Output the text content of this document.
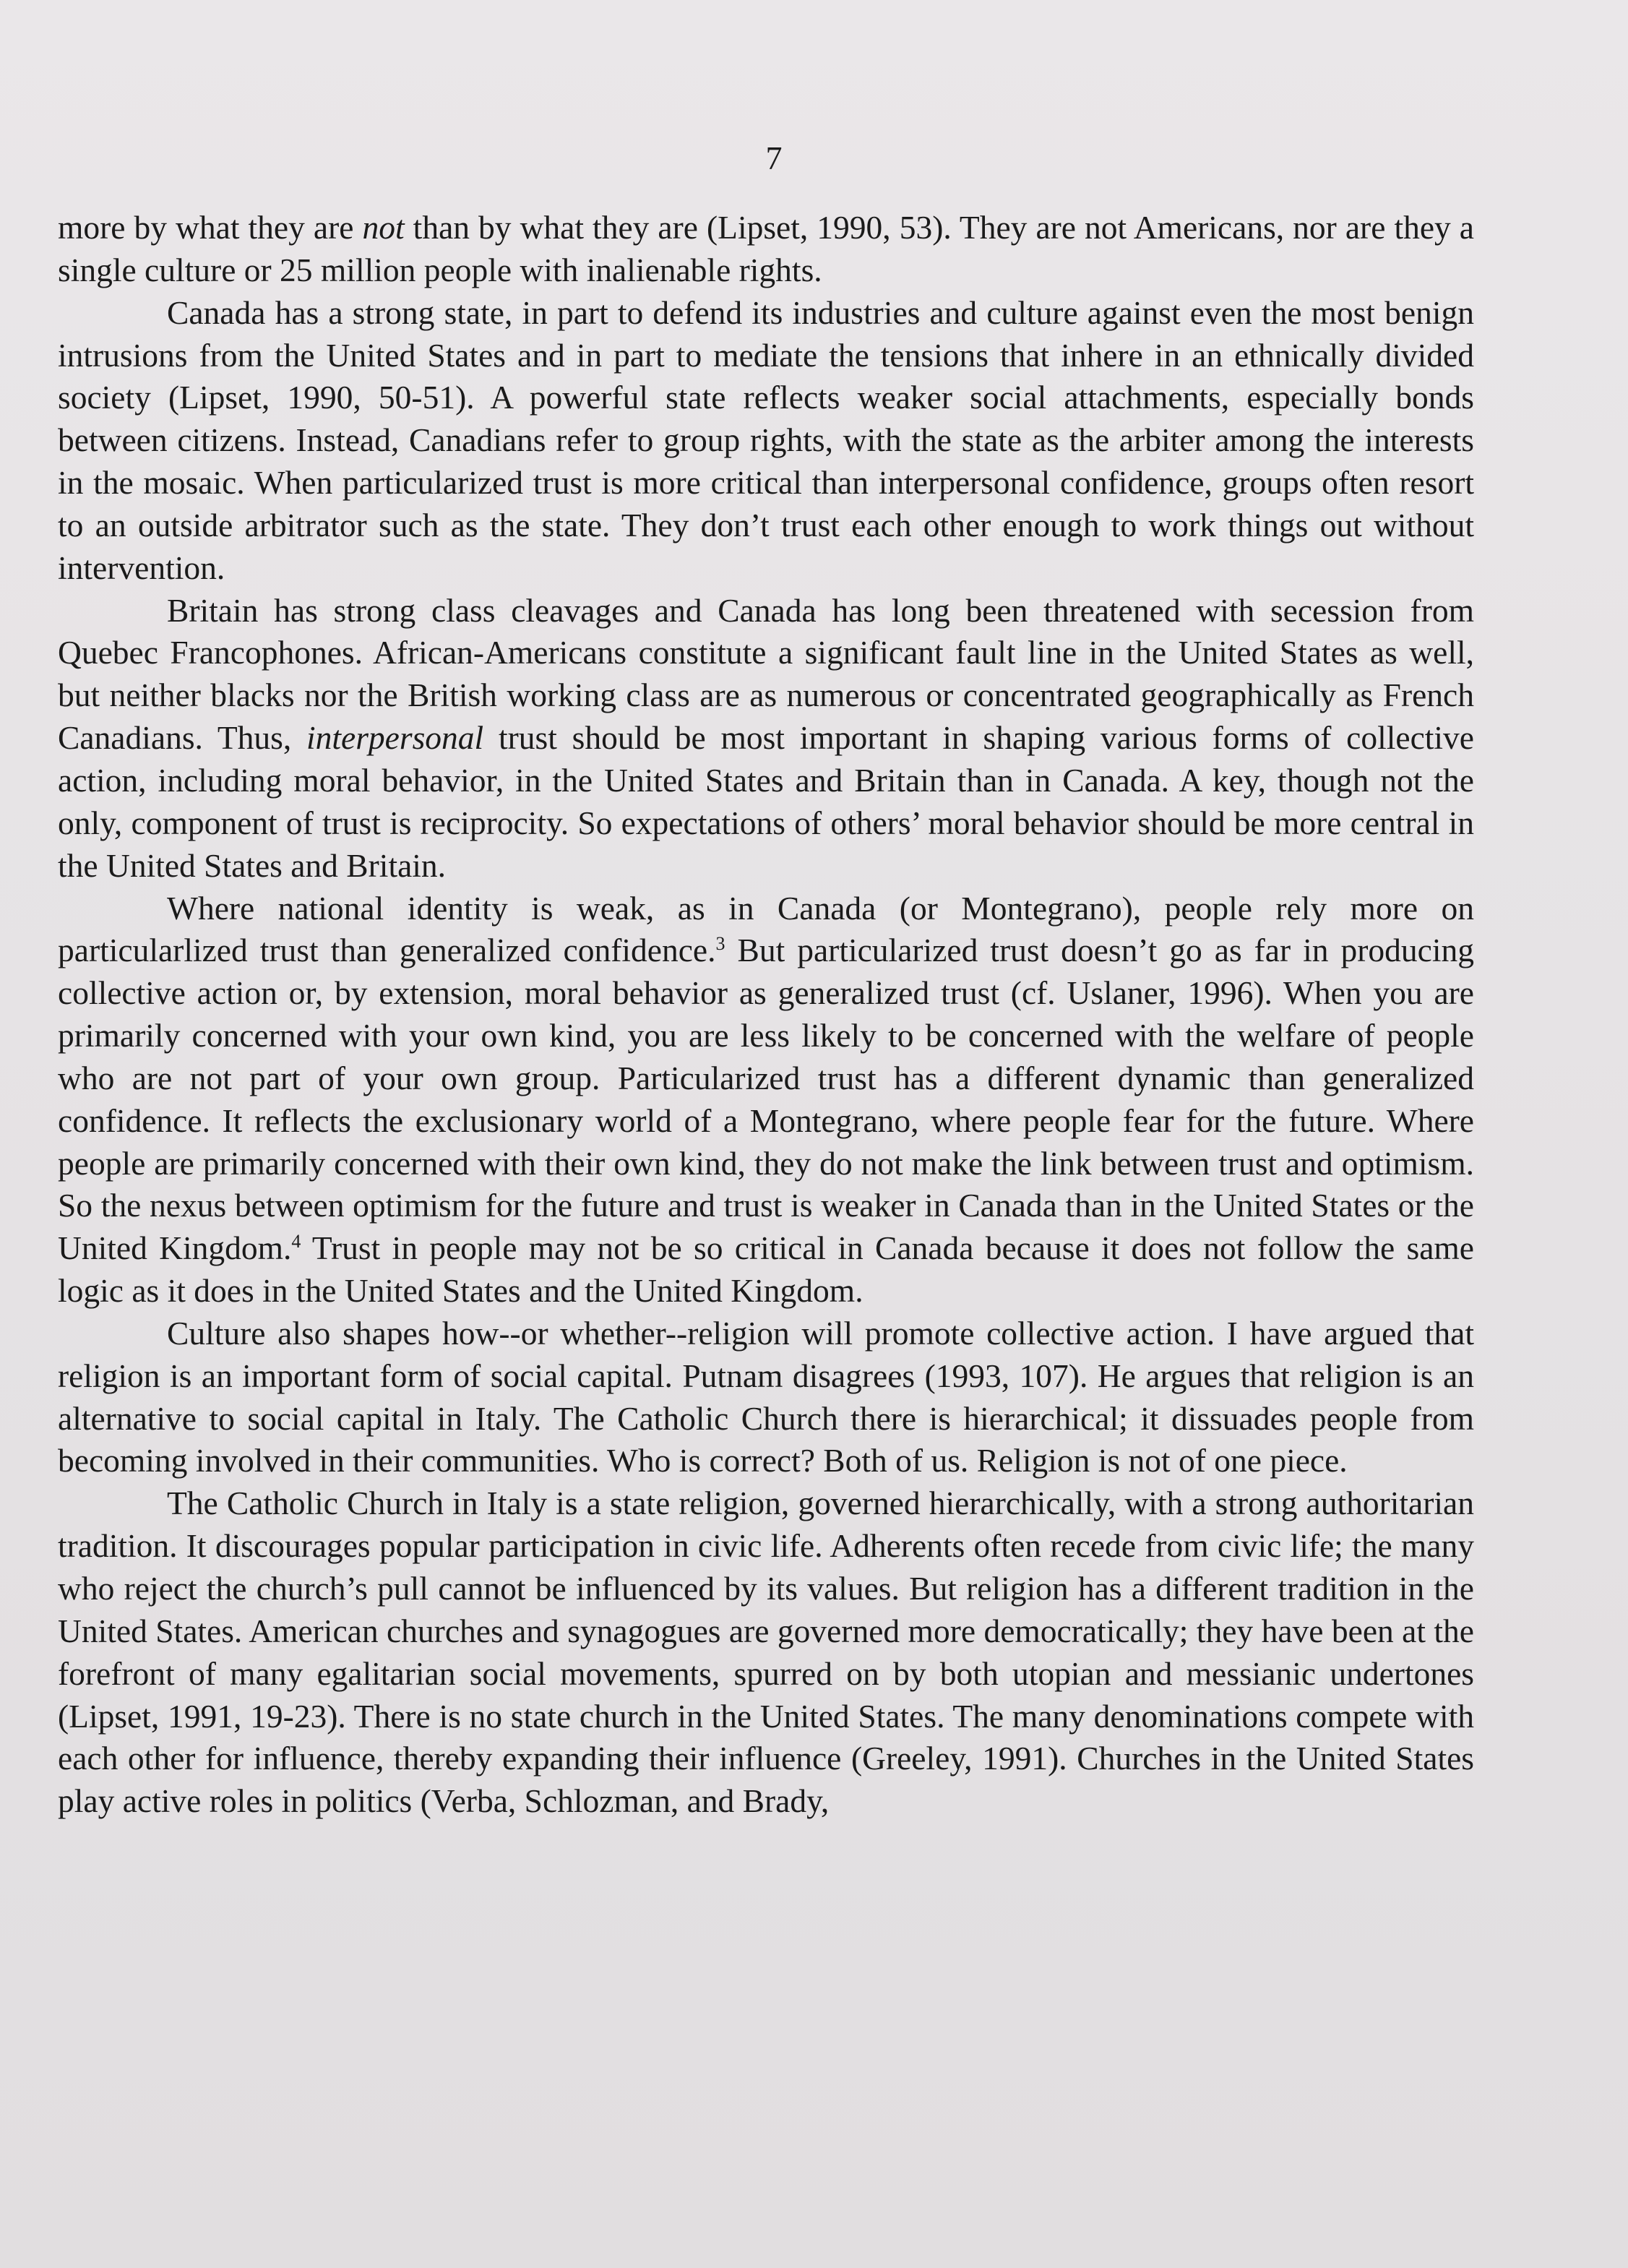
7

more by what they are not than by what they are (Lipset, 1990, 53). They are not Americans, nor are they a single culture or 25 million people with inalienable rights.

Canada has a strong state, in part to defend its industries and culture against even the most benign intrusions from the United States and in part to mediate the tensions that inhere in an ethnically divided society (Lipset, 1990, 50-51). A powerful state reflects weaker social attachments, especially bonds between citizens. Instead, Canadians refer to group rights, with the state as the arbiter among the interests in the mosaic. When particularized trust is more critical than interpersonal confidence, groups often resort to an outside arbitrator such as the state. They don’t trust each other enough to work things out without intervention.

Britain has strong class cleavages and Canada has long been threatened with secession from Quebec Francophones. African-Americans constitute a significant fault line in the United States as well, but neither blacks nor the British working class are as numerous or concentrated geographically as French Canadians. Thus, interpersonal trust should be most important in shaping various forms of collective action, including moral behavior, in the United States and Britain than in Canada. A key, though not the only, component of trust is reciprocity. So expectations of others’ moral behavior should be more central in the United States and Britain.

Where national identity is weak, as in Canada (or Montegrano), people rely more on particularlized trust than generalized confidence.$^3$ But particularized trust doesn’t go as far in producing collective action or, by extension, moral behavior as generalized trust (cf. Uslaner, 1996). When you are primarily concerned with your own kind, you are less likely to be concerned with the welfare of people who are not part of your own group. Particularized trust has a different dynamic than generalized confidence. It reflects the exclusionary world of a Montegrano, where people fear for the future. Where people are primarily concerned with their own kind, they do not make the link between trust and optimism. So the nexus between optimism for the future and trust is weaker in Canada than in the United States or the United Kingdom.$^4$ Trust in people may not be so critical in Canada because it does not follow the same logic as it does in the United States and the United Kingdom.

Culture also shapes how--or whether--religion will promote collective action. I have argued that religion is an important form of social capital. Putnam disagrees (1993, 107). He argues that religion is an alternative to social capital in Italy. The Catholic Church there is hierarchical; it dissuades people from becoming involved in their communities. Who is correct? Both of us. Religion is not of one piece.

The Catholic Church in Italy is a state religion, governed hierarchically, with a strong authoritarian tradition. It discourages popular participation in civic life. Adherents often recede from civic life; the many who reject the church’s pull cannot be influenced by its values. But religion has a different tradition in the United States. American churches and synagogues are governed more democratically; they have been at the forefront of many egalitarian social movements, spurred on by both utopian and messianic undertones (Lipset, 1991, 19-23). There is no state church in the United States. The many denominations compete with each other for influence, thereby expanding their influence (Greeley, 1991). Churches in the United States play active roles in politics (Verba, Schlozman, and Brady,
